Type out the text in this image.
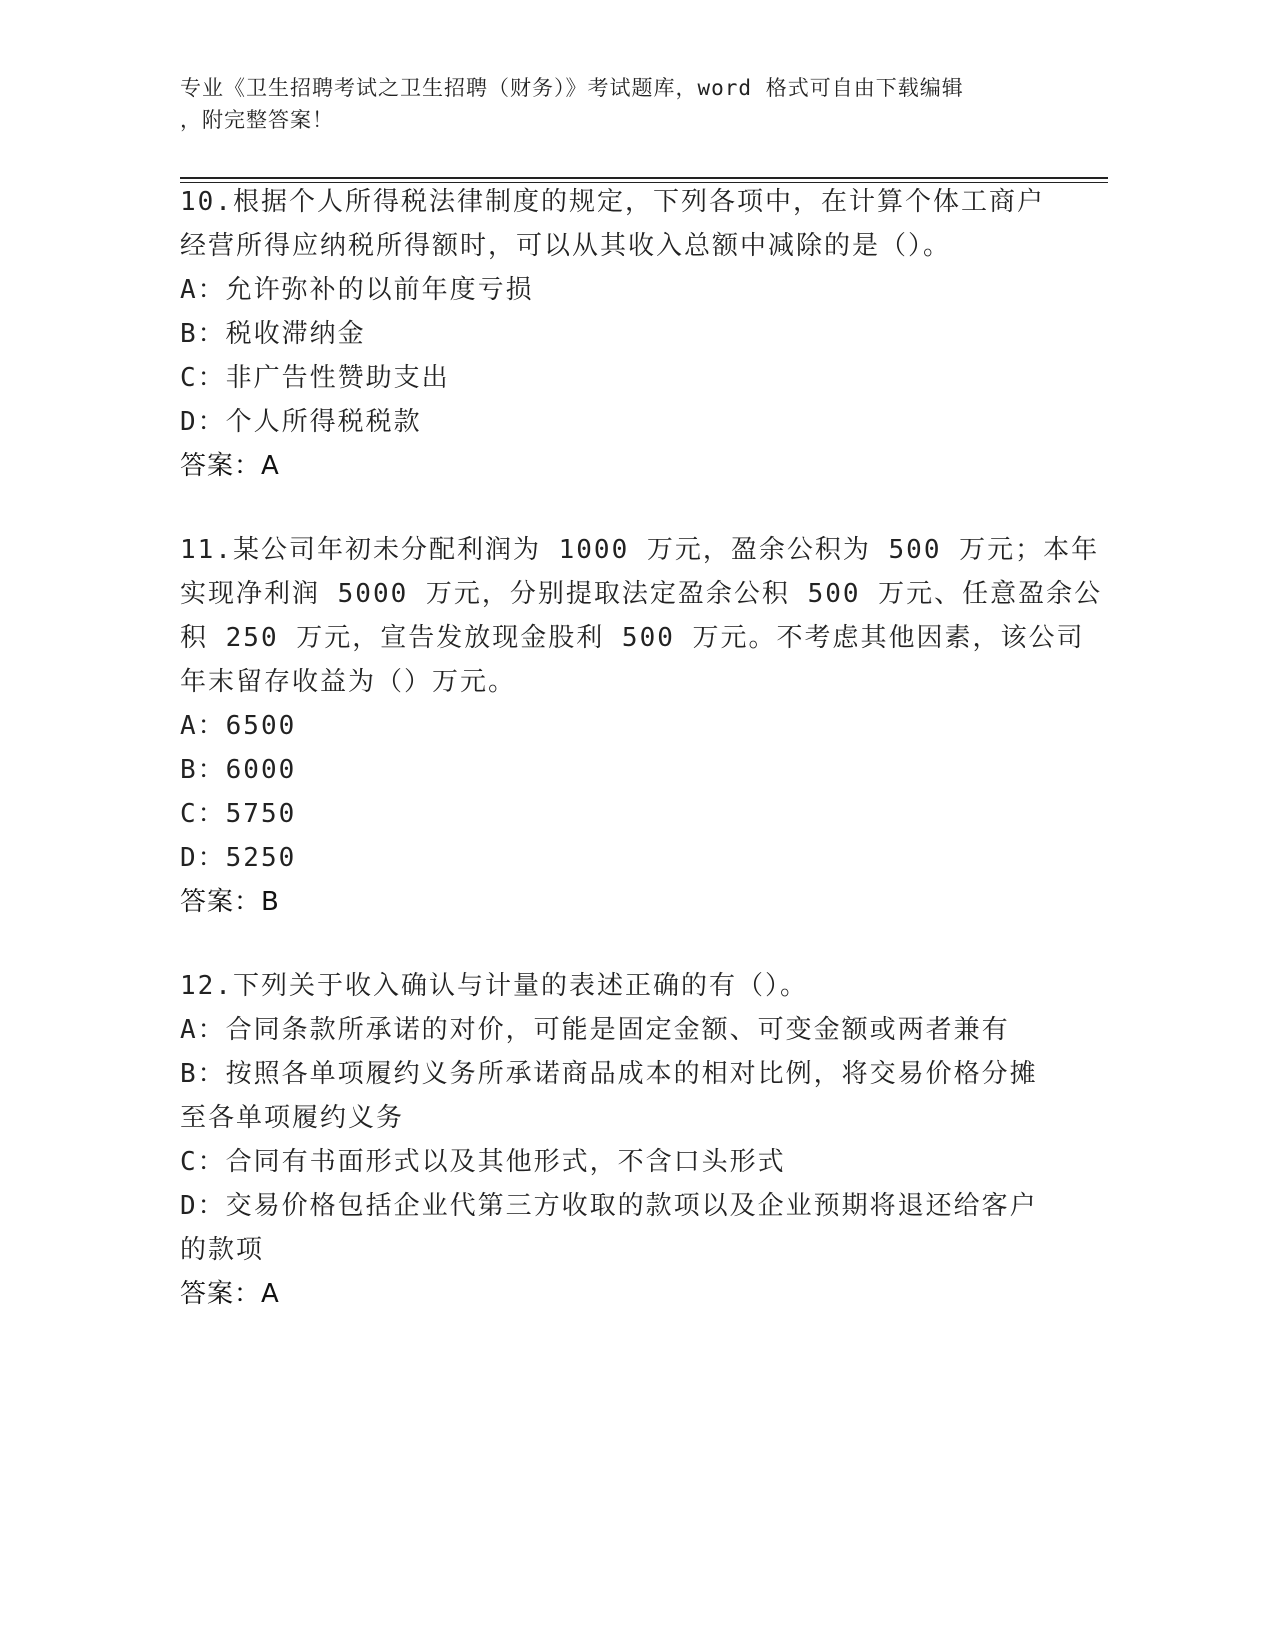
专业《卫生招聘考试之卫生招聘（财务）》考试题库，word 格式可自由下载编辑
，附完整答案！
10.根据个人所得税法律制度的规定，下列各项中，在计算个体工商户
经营所得应纳税所得额时，可以从其收入总额中减除的是（）。
A：允许弥补的以前年度亏损
B：税收滞纳金
C：非广告性赞助支出
D：个人所得税税款
答案：A
11.某公司年初未分配利润为 1000 万元，盈余公积为 500 万元；本年
实现净利润 5000 万元，分别提取法定盈余公积 500 万元、任意盈余公
积 250 万元，宣告发放现金股利 500 万元。不考虑其他因素，该公司
年末留存收益为（）万元。
A：6500
B：6000
C：5750
D：5250
答案：B
12.下列关于收入确认与计量的表述正确的有（）。
A：合同条款所承诺的对价，可能是固定金额、可变金额或两者兼有
B：按照各单项履约义务所承诺商品成本的相对比例，将交易价格分摊
至各单项履约义务
C：合同有书面形式以及其他形式，不含口头形式
D：交易价格包括企业代第三方收取的款项以及企业预期将退还给客户
的款项
答案：A
